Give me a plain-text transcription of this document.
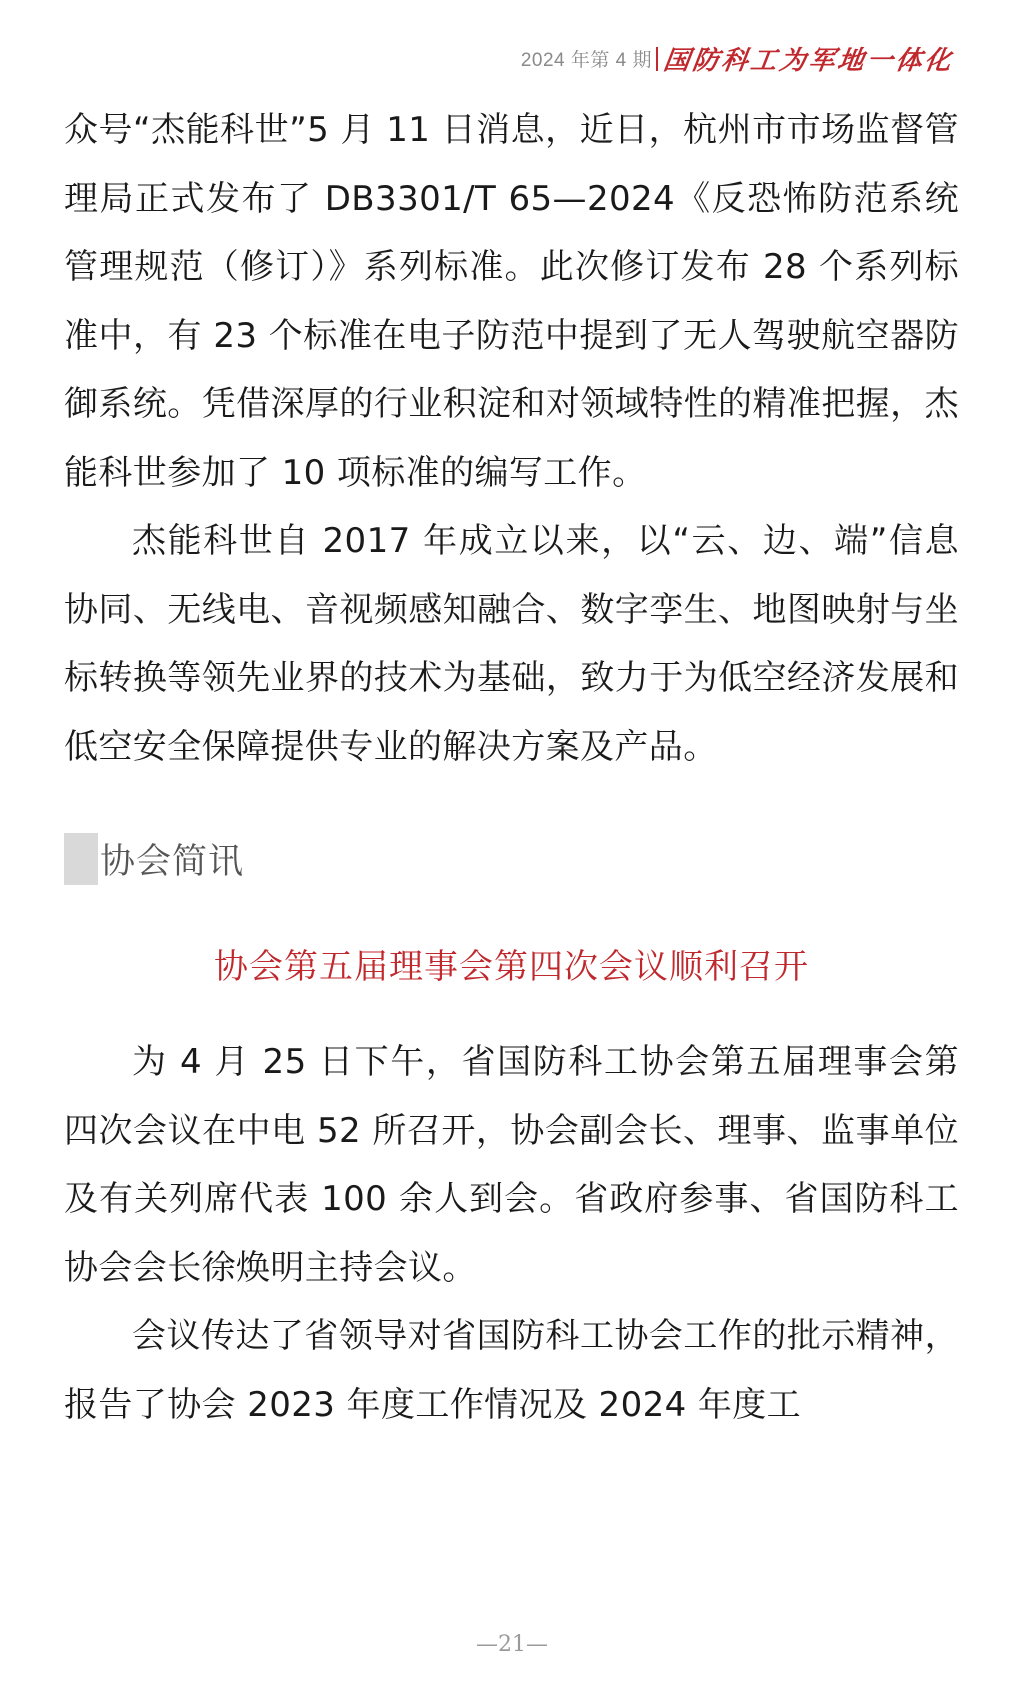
2024 年第 4 期 国防科工为军地一体化

众号“杰能科世”5 月 11 日消息，近日，杭州市市场监督管理局正式发布了 DB3301/T 65—2024《反恐怖防范系统管理规范（修订）》系列标准。此次修订发布 28 个系列标准中，有 23 个标准在电子防范中提到了无人驾驶航空器防御系统。凭借深厚的行业积淀和对领域特性的精准把握，杰能科世参加了 10 项标准的编写工作。

杰能科世自 2017 年成立以来，以“云、边、端”信息协同、无线电、音视频感知融合、数字孪生、地图映射与坐标转换等领先业界的技术为基础，致力于为低空经济发展和低空安全保障提供专业的解决方案及产品。

协会简讯
协会第五届理事会第四次会议顺利召开

为 4 月 25 日下午，省国防科工协会第五届理事会第四次会议在中电 52 所召开，协会副会长、理事、监事单位及有关列席代表 100 余人到会。省政府参事、省国防科工协会会长徐焕明主持会议。

会议传达了省领导对省国防科工协会工作的批示精神，报告了协会 2023 年度工作情况及 2024 年度工

—21—
